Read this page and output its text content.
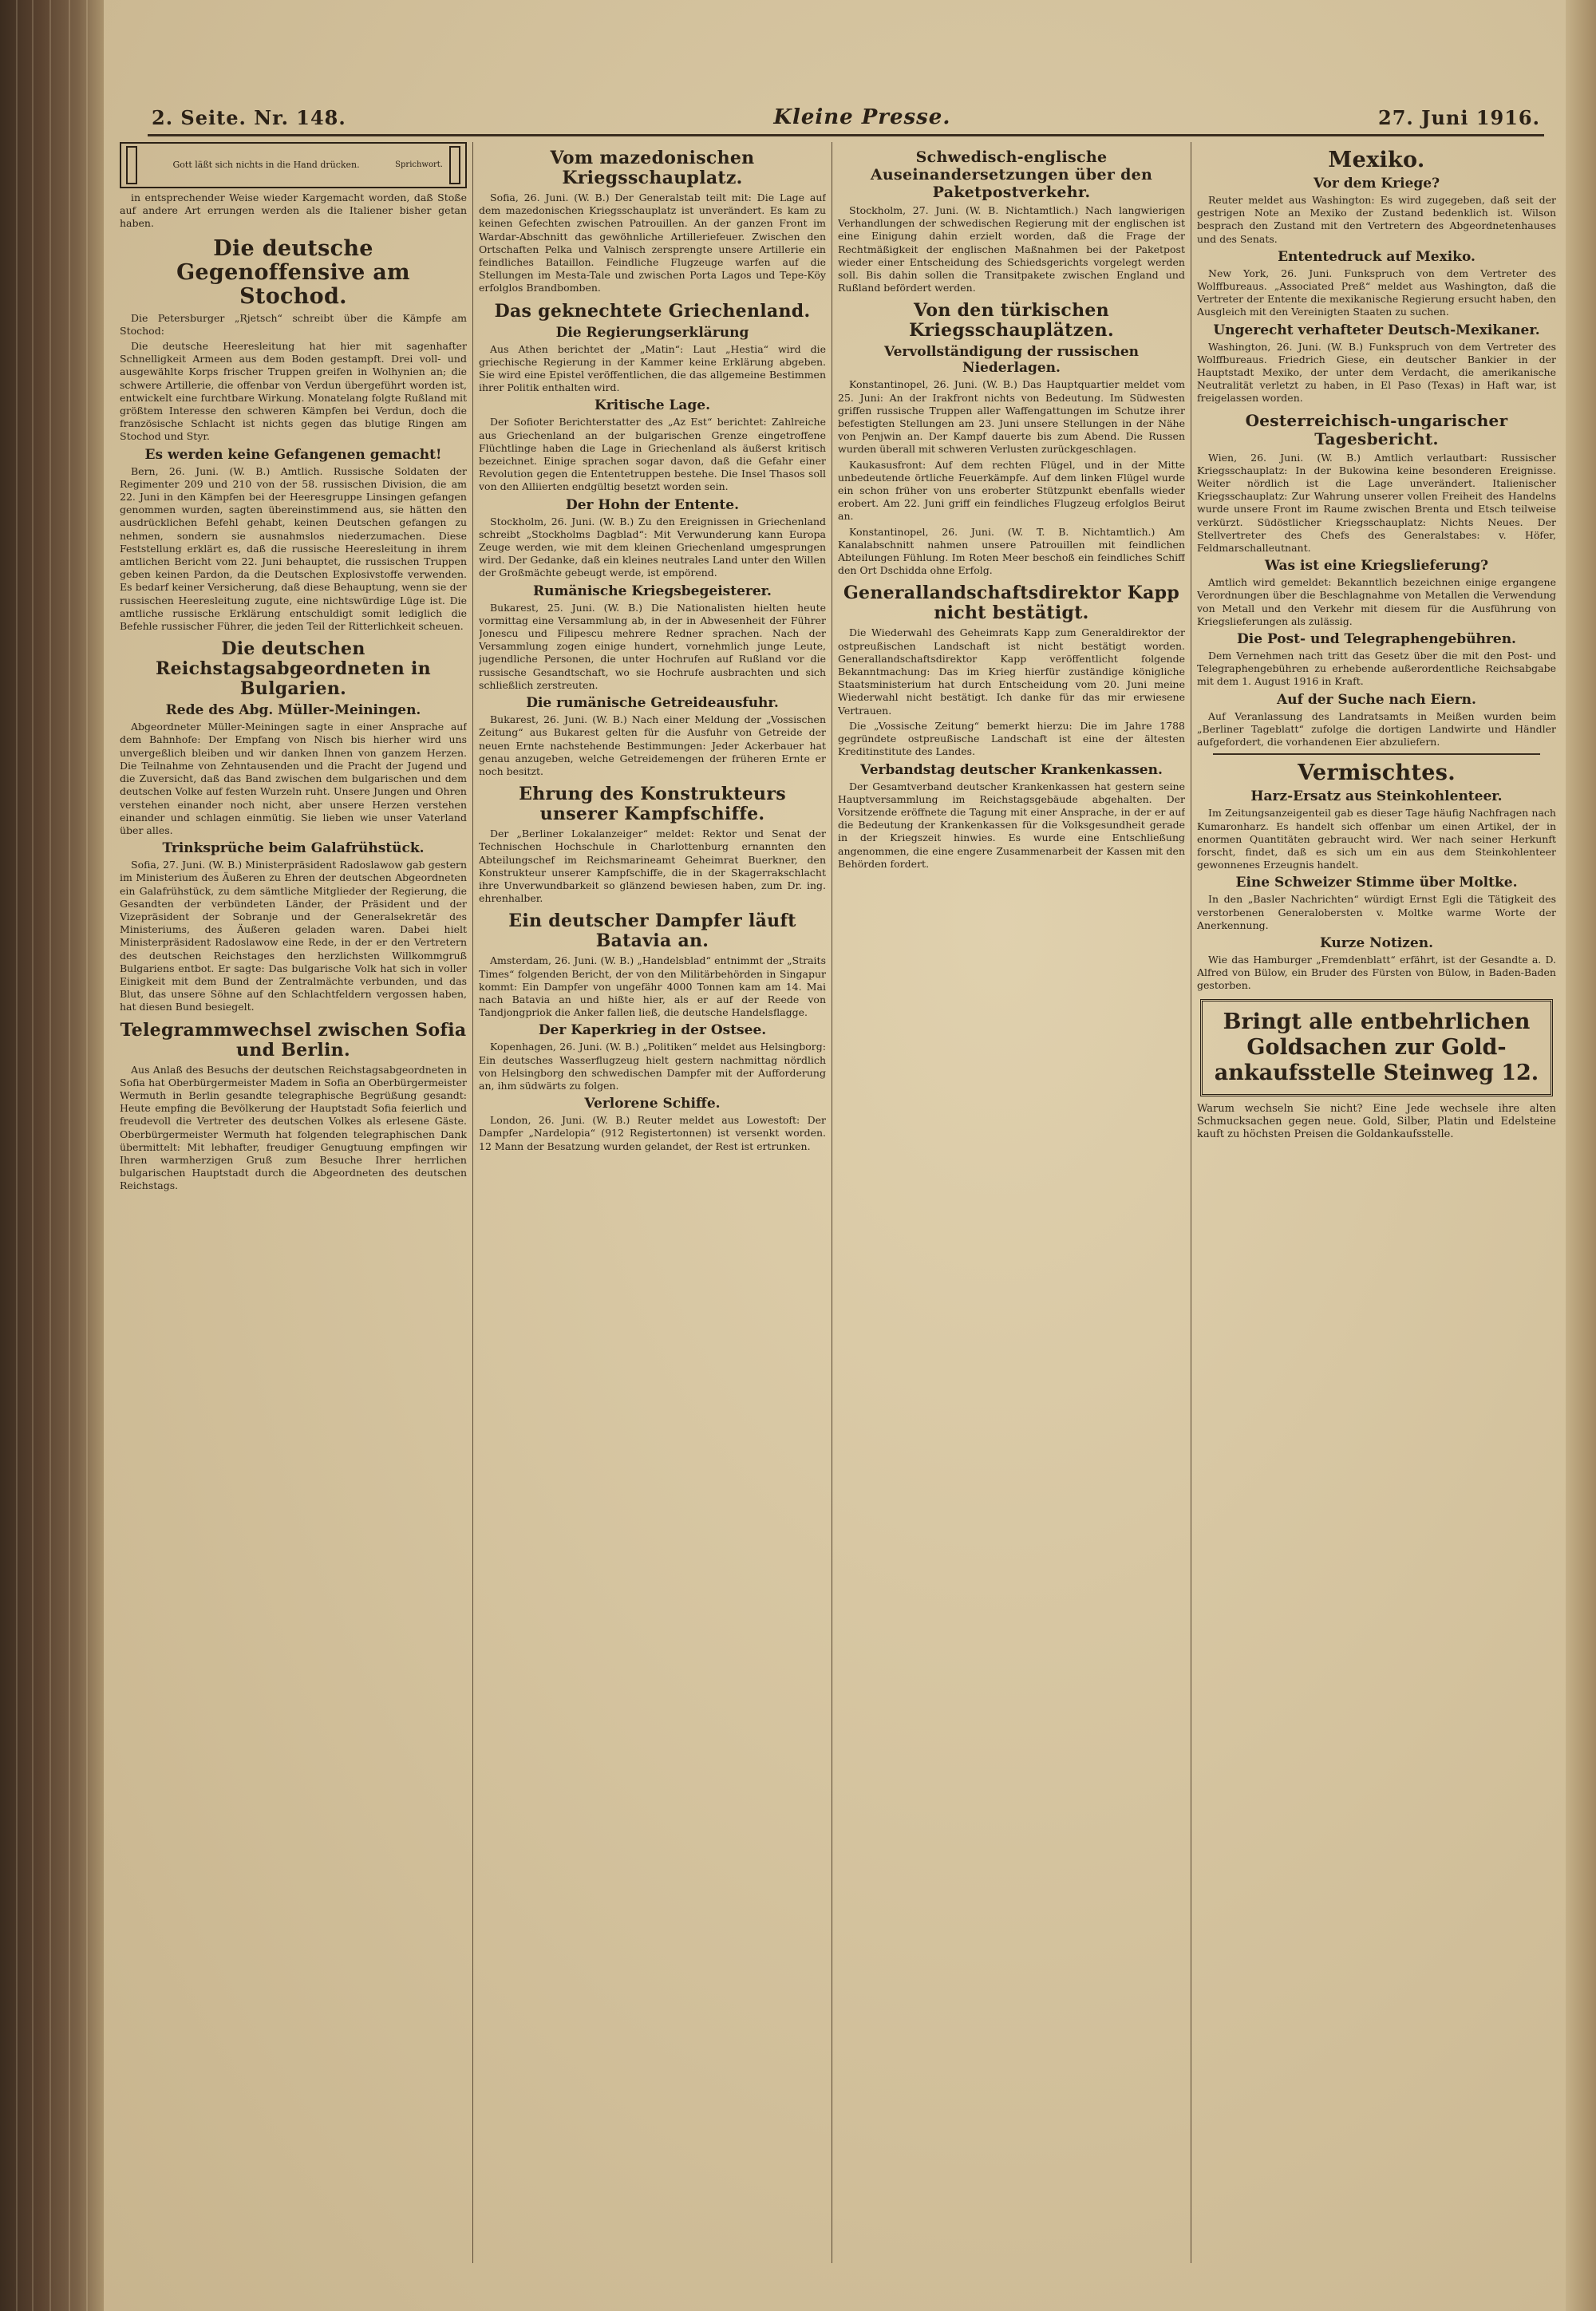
2. Seite. Nr. 148.	Kleine Presse.	27. Juni 1916.
Gott läßt sich nichts in die Hand drücken.	Sprichwort.

in entsprechender Weise wieder Kargemacht worden, daß Stoße auf andere Art errungen werden als die Italiener bisher getan haben.

Die deutsche Gegenoffensive am Stochod.

Die Petersburger „Rjetsch“ schreibt über die Kämpfe am Stochod:

Die deutsche Heeresleitung hat hier mit sagenhafter Schnelligkeit Armeen aus dem Boden gestampft. Drei voll- und ausgewählte Korps frischer Truppen greifen in Wolhynien an; die schwere Artillerie, die offenbar von Verdun übergeführt worden ist, entwickelt eine furchtbare Wirkung. Monatelang folgte Rußland mit größtem Interesse den schweren Kämpfen bei Verdun, doch die französische Schlacht ist nichts gegen das blutige Ringen am Stochod und Styr.

Es werden keine Gefangenen gemacht!

Bern, 26. Juni. (W. B.) Amtlich. Russische Soldaten der Regimenter 209 und 210 von der 58. russischen Division, die am 22. Juni in den Kämpfen bei der Heeresgruppe Linsingen gefangen genommen wurden, sagten übereinstimmend aus, sie hätten den ausdrücklichen Befehl gehabt, keinen Deutschen gefangen zu nehmen, sondern sie ausnahmslos niederzumachen. Diese Feststellung erklärt es, daß die russische Heeresleitung in ihrem amtlichen Bericht vom 22. Juni behauptet, die russischen Truppen geben keinen Pardon, da die Deutschen Explosivstoffe verwenden. Es bedarf keiner Versicherung, daß diese Behauptung, wenn sie der russischen Heeresleitung zugute, eine nichtswürdige Lüge ist. Die amtliche russische Erklärung entschuldigt somit lediglich die Befehle russischer Führer, die jeden Teil der Ritterlichkeit scheuen.

Die deutschen Reichstagsabgeordneten in Bulgarien.
Rede des Abg. Müller-Meiningen.

Abgeordneter Müller-Meiningen sagte in einer Ansprache auf dem Bahnhofe: Der Empfang von Nisch bis hierher wird uns unvergeßlich bleiben und wir danken Ihnen von ganzem Herzen. Die Teilnahme von Zehntausenden und die Pracht der Jugend und die Zuversicht, daß das Band zwischen dem bulgarischen und dem deutschen Volke auf festen Wurzeln ruht. Unsere Jungen und Ohren verstehen einander noch nicht, aber unsere Herzen verstehen einander und schlagen einmütig. Sie lieben wie unser Vaterland über alles.

Trinksprüche beim Galafrühstück.

Sofia, 27. Juni. (W. B.) Ministerpräsident Radoslawow gab gestern im Ministerium des Äußeren zu Ehren der deutschen Abgeordneten ein Galafrühstück, zu dem sämtliche Mitglieder der Regierung, die Gesandten der verbündeten Länder, der Präsident und der Vizepräsident der Sobranje und der Generalsekretär des Ministeriums, des Äußeren geladen waren. Dabei hielt Ministerpräsident Radoslawow eine Rede, in der er den Vertretern des deutschen Reichstages den herzlichsten Willkommgruß Bulgariens entbot. Er sagte: Das bulgarische Volk hat sich in voller Einigkeit mit dem Bund der Zentralmächte verbunden, und das Blut, das unsere Söhne auf den Schlachtfeldern vergossen haben, hat diesen Bund besiegelt.

Telegrammwechsel zwischen Sofia und Berlin.

Aus Anlaß des Besuchs der deutschen Reichstagsabgeordneten in Sofia hat Oberbürgermeister Madem in Sofia an Oberbürgermeister Wermuth in Berlin gesandte telegraphische Begrüßung gesandt: Heute empfing die Bevölkerung der Hauptstadt Sofia feierlich und freudevoll die Vertreter des deutschen Volkes als erlesene Gäste. Oberbürgermeister Wermuth hat folgenden telegraphischen Dank übermittelt: Mit lebhafter, freudiger Genugtuung empfingen wir Ihren warmherzigen Gruß zum Besuche Ihrer herrlichen bulgarischen Hauptstadt durch die Abgeordneten des deutschen Reichstags.

Vom mazedonischen Kriegsschauplatz.

Sofia, 26. Juni. (W. B.) Der Generalstab teilt mit: Die Lage auf dem mazedonischen Kriegsschauplatz ist unverändert. Es kam zu keinen Gefechten zwischen Patrouillen. An der ganzen Front im Wardar-Abschnitt das gewöhnliche Artilleriefeuer. Zwischen den Ortschaften Pelka und Valnisch zersprengte unsere Artillerie ein feindliches Bataillon. Feindliche Flugzeuge warfen auf die Stellungen im Mesta-Tale und zwischen Porta Lagos und Tepe-Köy erfolglos Brandbomben.

Das geknechtete Griechenland.
Die Regierungserklärung

Aus Athen berichtet der „Matin“: Laut „Hestia“ wird die griechische Regierung in der Kammer keine Erklärung abgeben. Sie wird eine Epistel veröffentlichen, die das allgemeine Bestimmen ihrer Politik enthalten wird.

Kritische Lage.

Der Sofioter Berichterstatter des „Az Est“ berichtet: Zahlreiche aus Griechenland an der bulgarischen Grenze eingetroffene Flüchtlinge haben die Lage in Griechenland als äußerst kritisch bezeichnet. Einige sprachen sogar davon, daß die Gefahr einer Revolution gegen die Ententetruppen bestehe. Die Insel Thasos soll von den Alliierten endgültig besetzt worden sein.

Der Hohn der Entente.

Stockholm, 26. Juni. (W. B.) Zu den Ereignissen in Griechenland schreibt „Stockholms Dagblad“: Mit Verwunderung kann Europa Zeuge werden, wie mit dem kleinen Griechenland umgesprungen wird. Der Gedanke, daß ein kleines neutrales Land unter den Willen der Großmächte gebeugt werde, ist empörend.

Rumänische Kriegsbegeisterer.

Bukarest, 25. Juni. (W. B.) Die Nationalisten hielten heute vormittag eine Versammlung ab, in der in Abwesenheit der Führer Jonescu und Filipescu mehrere Redner sprachen. Nach der Versammlung zogen einige hundert, vornehmlich junge Leute, jugendliche Personen, die unter Hochrufen auf Rußland vor die russische Gesandtschaft, wo sie Hochrufe ausbrachten und sich schließlich zerstreuten.

Die rumänische Getreideausfuhr.

Bukarest, 26. Juni. (W. B.) Nach einer Meldung der „Vossischen Zeitung“ aus Bukarest gelten für die Ausfuhr von Getreide der neuen Ernte nachstehende Bestimmungen: Jeder Ackerbauer hat genau anzugeben, welche Getreidemengen der früheren Ernte er noch besitzt.

Ehrung des Konstrukteurs unserer Kampfschiffe.

Der „Berliner Lokalanzeiger“ meldet: Rektor und Senat der Technischen Hochschule in Charlottenburg ernannten den Abteilungschef im Reichsmarineamt Geheimrat Buerkner, den Konstrukteur unserer Kampfschiffe, die in der Skagerrakschlacht ihre Unverwundbarkeit so glänzend bewiesen haben, zum Dr. ing. ehrenhalber.

Ein deutscher Dampfer läuft Batavia an.

Amsterdam, 26. Juni. (W. B.) „Handelsblad“ entnimmt der „Straits Times“ folgenden Bericht, der von den Militärbehörden in Singapur kommt: Ein Dampfer von ungefähr 4000 Tonnen kam am 14. Mai nach Batavia an und hißte hier, als er auf der Reede von Tandjongpriok die Anker fallen ließ, die deutsche Handelsflagge.

Der Kaperkrieg in der Ostsee.

Kopenhagen, 26. Juni. (W. B.) „Politiken“ meldet aus Helsingborg: Ein deutsches Wasserflugzeug hielt gestern nachmittag nördlich von Helsingborg den schwedischen Dampfer mit der Aufforderung an, ihm südwärts zu folgen.

Verlorene Schiffe.

London, 26. Juni. (W. B.) Reuter meldet aus Lowestoft: Der Dampfer „Nardelopia“ (912 Registertonnen) ist versenkt worden. 12 Mann der Besatzung wurden gelandet, der Rest ist ertrunken.

Schwedisch-englische Auseinandersetzungen über den Paketpostverkehr.

Stockholm, 27. Juni. (W. B. Nichtamtlich.) Nach langwierigen Verhandlungen der schwedischen Regierung mit der englischen ist eine Einigung dahin erzielt worden, daß die Frage der Rechtmäßigkeit der englischen Maßnahmen bei der Paketpost wieder einer Entscheidung des Schiedsgerichts vorgelegt werden soll. Bis dahin sollen die Transitpakete zwischen England und Rußland befördert werden.

Von den türkischen Kriegsschauplätzen.
Vervollständigung der russischen Niederlagen.

Konstantinopel, 26. Juni. (W. B.) Das Hauptquartier meldet vom 25. Juni: An der Irakfront nichts von Bedeutung. Im Südwesten griffen russische Truppen aller Waffengattungen im Schutze ihrer befestigten Stellungen am 23. Juni unsere Stellungen in der Nähe von Penjwin an. Der Kampf dauerte bis zum Abend. Die Russen wurden überall mit schweren Verlusten zurückgeschlagen.

Kaukasusfront: Auf dem rechten Flügel, und in der Mitte unbedeutende örtliche Feuerkämpfe. Auf dem linken Flügel wurde ein schon früher von uns eroberter Stützpunkt ebenfalls wieder erobert. Am 22. Juni griff ein feindliches Flugzeug erfolglos Beirut an.

Konstantinopel, 26. Juni. (W. T. B. Nichtamtlich.) Am Kanalabschnitt nahmen unsere Patrouillen mit feindlichen Abteilungen Fühlung. Im Roten Meer beschoß ein feindliches Schiff den Ort Dschidda ohne Erfolg.

Generallandschaftsdirektor Kapp nicht bestätigt.

Die Wiederwahl des Geheimrats Kapp zum Generaldirektor der ostpreußischen Landschaft ist nicht bestätigt worden. Generallandschaftsdirektor Kapp veröffentlicht folgende Bekanntmachung: Das im Krieg hierfür zuständige königliche Staatsministerium hat durch Entscheidung vom 20. Juni meine Wiederwahl nicht bestätigt. Ich danke für das mir erwiesene Vertrauen.

Die „Vossische Zeitung“ bemerkt hierzu: Die im Jahre 1788 gegründete ostpreußische Landschaft ist eine der ältesten Kreditinstitute des Landes.

Verbandstag deutscher Krankenkassen.

Der Gesamtverband deutscher Krankenkassen hat gestern seine Hauptversammlung im Reichstagsgebäude abgehalten. Der Vorsitzende eröffnete die Tagung mit einer Ansprache, in der er auf die Bedeutung der Krankenkassen für die Volksgesundheit gerade in der Kriegszeit hinwies. Es wurde eine Entschließung angenommen, die eine engere Zusammenarbeit der Kassen mit den Behörden fordert.

Mexiko.
Vor dem Kriege?

Reuter meldet aus Washington: Es wird zugegeben, daß seit der gestrigen Note an Mexiko der Zustand bedenklich ist. Wilson besprach den Zustand mit den Vertretern des Abgeordnetenhauses und des Senats.

Ententedruck auf Mexiko.

New York, 26. Juni. Funkspruch von dem Vertreter des Wolffbureaus. „Associated Preß“ meldet aus Washington, daß die Vertreter der Entente die mexikanische Regierung ersucht haben, den Ausgleich mit den Vereinigten Staaten zu suchen.

Ungerecht verhafteter Deutsch-Mexikaner.

Washington, 26. Juni. (W. B.) Funkspruch von dem Vertreter des Wolffbureaus. Friedrich Giese, ein deutscher Bankier in der Hauptstadt Mexiko, der unter dem Verdacht, die amerikanische Neutralität verletzt zu haben, in El Paso (Texas) in Haft war, ist freigelassen worden.

Oesterreichisch-ungarischer Tagesbericht.

Wien, 26. Juni. (W. B.) Amtlich verlautbart: Russischer Kriegsschauplatz: In der Bukowina keine besonderen Ereignisse. Weiter nördlich ist die Lage unverändert. Italienischer Kriegsschauplatz: Zur Wahrung unserer vollen Freiheit des Handelns wurde unsere Front im Raume zwischen Brenta und Etsch teilweise verkürzt. Südöstlicher Kriegsschauplatz: Nichts Neues. Der Stellvertreter des Chefs des Generalstabes: v. Höfer, Feldmarschalleutnant.

Was ist eine Kriegslieferung?

Amtlich wird gemeldet: Bekanntlich bezeichnen einige ergangene Verordnungen über die Beschlagnahme von Metallen die Verwendung von Metall und den Verkehr mit diesem für die Ausführung von Kriegslieferungen als zulässig.

Die Post- und Telegraphengebühren.

Dem Vernehmen nach tritt das Gesetz über die mit den Post- und Telegraphengebühren zu erhebende außerordentliche Reichsabgabe mit dem 1. August 1916 in Kraft.

Auf der Suche nach Eiern.

Auf Veranlassung des Landratsamts in Meißen wurden beim „Berliner Tageblatt“ zufolge die dortigen Landwirte und Händler aufgefordert, die vorhandenen Eier abzuliefern.

Vermischtes.
Harz-Ersatz aus Steinkohlenteer.

Im Zeitungsanzeigenteil gab es dieser Tage häufig Nachfragen nach Kumaronharz. Es handelt sich offenbar um einen Artikel, der in enormen Quantitäten gebraucht wird. Wer nach seiner Herkunft forscht, findet, daß es sich um ein aus dem Steinkohlenteer gewonnenes Erzeugnis handelt.

Eine Schweizer Stimme über Moltke.

In den „Basler Nachrichten“ würdigt Ernst Egli die Tätigkeit des verstorbenen Generalobersten v. Moltke warme Worte der Anerkennung.

Kurze Notizen.

Wie das Hamburger „Fremdenblatt“ erfährt, ist der Gesandte a. D. Alfred von Bülow, ein Bruder des Fürsten von Bülow, in Baden-Baden gestorben.

Bringt alle entbehrlichen
Goldsachen zur Gold-
ankaufsstelle Steinweg 12.
Warum wechseln Sie nicht? Eine Jede wechsele ihre alten Schmucksachen gegen neue. Gold, Silber, Platin und Edelsteine kauft zu höchsten Preisen die Goldankaufsstelle.
